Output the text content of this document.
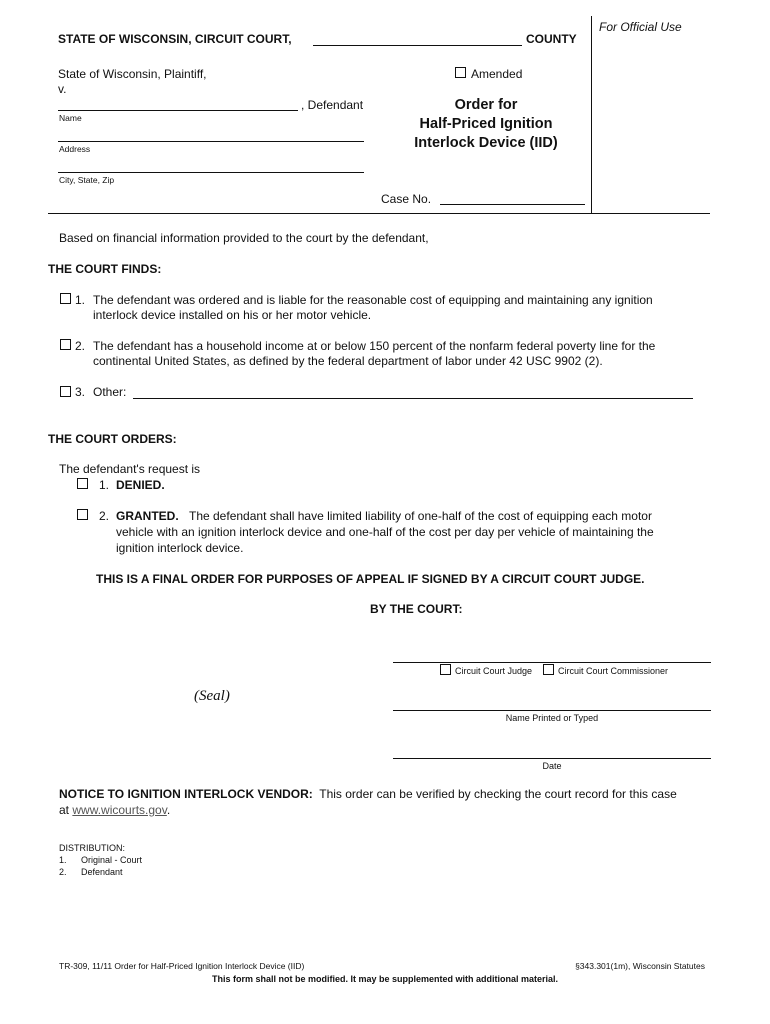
For Official Use
STATE OF WISCONSIN, CIRCUIT COURT,	COUNTY
State of Wisconsin, Plaintiff,
v.
, Defendant
Name
Address
City, State, Zip
Amended
Order for
Half-Priced Ignition
Interlock Device (IID)
Case No.
Based on financial information provided to the court by the defendant,
THE COURT FINDS:
1. The defendant was ordered and is liable for the reasonable cost of equipping and maintaining any ignition
interlock device installed on his or her motor vehicle.
2. The defendant has a household income at or below 150 percent of the nonfarm federal poverty line for the
continental United States, as defined by the federal department of labor under 42 USC 9902 (2).
3. Other:
THE COURT ORDERS:
The defendant's request is
1. DENIED.
2. GRANTED. The defendant shall have limited liability of one-half of the cost of equipping each motor
vehicle with an ignition interlock device and one-half of the cost per day per vehicle of maintaining the
ignition interlock device.
THIS IS A FINAL ORDER FOR PURPOSES OF APPEAL IF SIGNED BY A CIRCUIT COURT JUDGE.
BY THE COURT:
Circuit Court Judge	Circuit Court Commissioner
(Seal)
Name Printed or Typed
Date
NOTICE TO IGNITION INTERLOCK VENDOR: This order can be verified by checking the court record for this case
at www.wicourts.gov.
DISTRIBUTION:
1. Original - Court
2. Defendant
TR-309, 11/11 Order for Half-Priced Ignition Interlock Device (IID)	§343.301(1m), Wisconsin Statutes
This form shall not be modified. It may be supplemented with additional material.
